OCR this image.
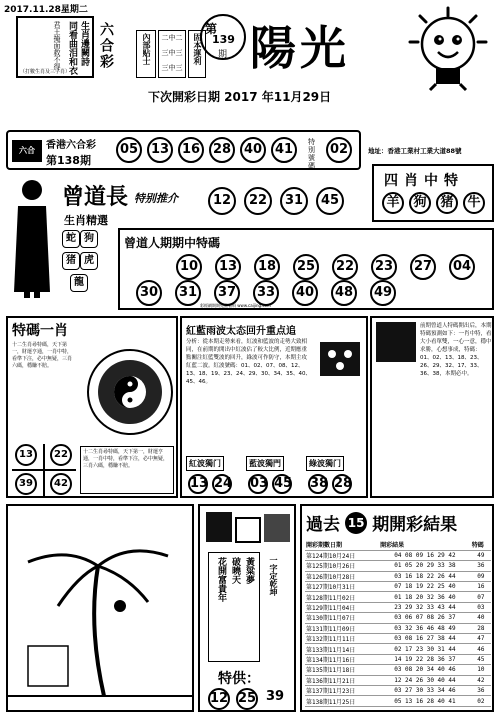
2017.11.28星期二
同看曲泪和衣
君王掩面救不得 生肖邊闕詩
（打數生肖及三字肖）
六合彩	內部贴士	二中二
三中三
三中三
固本運利
第
139
期 陽光
下次開彩日期 2017 年11月29日
六合	香港六合彩
第138期
05 13 16 28 40 41	特別號碼
02	地址：香港工業村工業大道88號
曾道長 特别推介	12	22	31	45
生肖精選
蛇 狗
猪 虎
龍
四肖中特
羊	狗	猪	牛
曾道人期期中特碼
10	13	18	25	22	23	27	04
30	31	37	33	40	48	49
彩經網期期免費看料 www.caijing.com
特碼一肖
十二生肖尋特碼，天下第一，財運亨通，一肖中特，看準下注，必中無疑，三肖六碼，穩賺不賠。
13	22
39	42
十二生肖尋特碼，天下第一，財運亨通，一肖中特，看準下注，必中無疑，三肖六碼，穩賺不賠。
紅藍雨波太态回升重点追
分析：從本期走勢來看，紅波和藍波的走勢大致相同，在前期的開出中紅波佔了較大比例，近期應重點關注紅藍雙波的回升，綠波可作防守，本期主攻紅藍二波。紅波號碼：01、02、07、08、12、13、18、19、23、24、29、30、34、35、40、45、46。
紅波獨门
13 24
藍波獨門
03 45
綠波獨门
38 28
前期曾道人特碼開出后，本期特碼預測如下：一肖中特，看大小看單雙，一心一意，穩中求勝，心想事成，特碼：01、02、13、18、23、26、29、32、17、33、36、38，本期必中。
黃粱夢
破曉天
花開富貴年	一字定乾坤
特供：
12 25 39
過去 15 期開彩結果
開彩期數日期	開彩結果	特碼
第124期10月24日	04 08 09 16 29 42	49
第125期10月26日	01 05 20 29 33 38	36
第126期10月28日	03 16 18 22 26 44	09
第127期10月31日	07 18 19 22 25 40	16
第128期11月02日	01 18 20 32 36 40	07
第129期11月04日	23 29 32 33 43 44	03
第130期11月07日	03 06 07 08 26 37	40
第131期11月09日	03 32 36 46 48 49	28
第132期11月11日	03 08 16 27 38 44	47
第133期11月14日	02 17 23 30 31 44	46
第134期11月16日	14 19 22 28 36 37	45
第135期11月18日	03 08 20 34 40 46	10
第136期11月21日	12 24 26 30 40 44	42
第137期11月23日	03 27 30 33 34 46	36
第138期11月25日	05 13 16 28 40 41	02
